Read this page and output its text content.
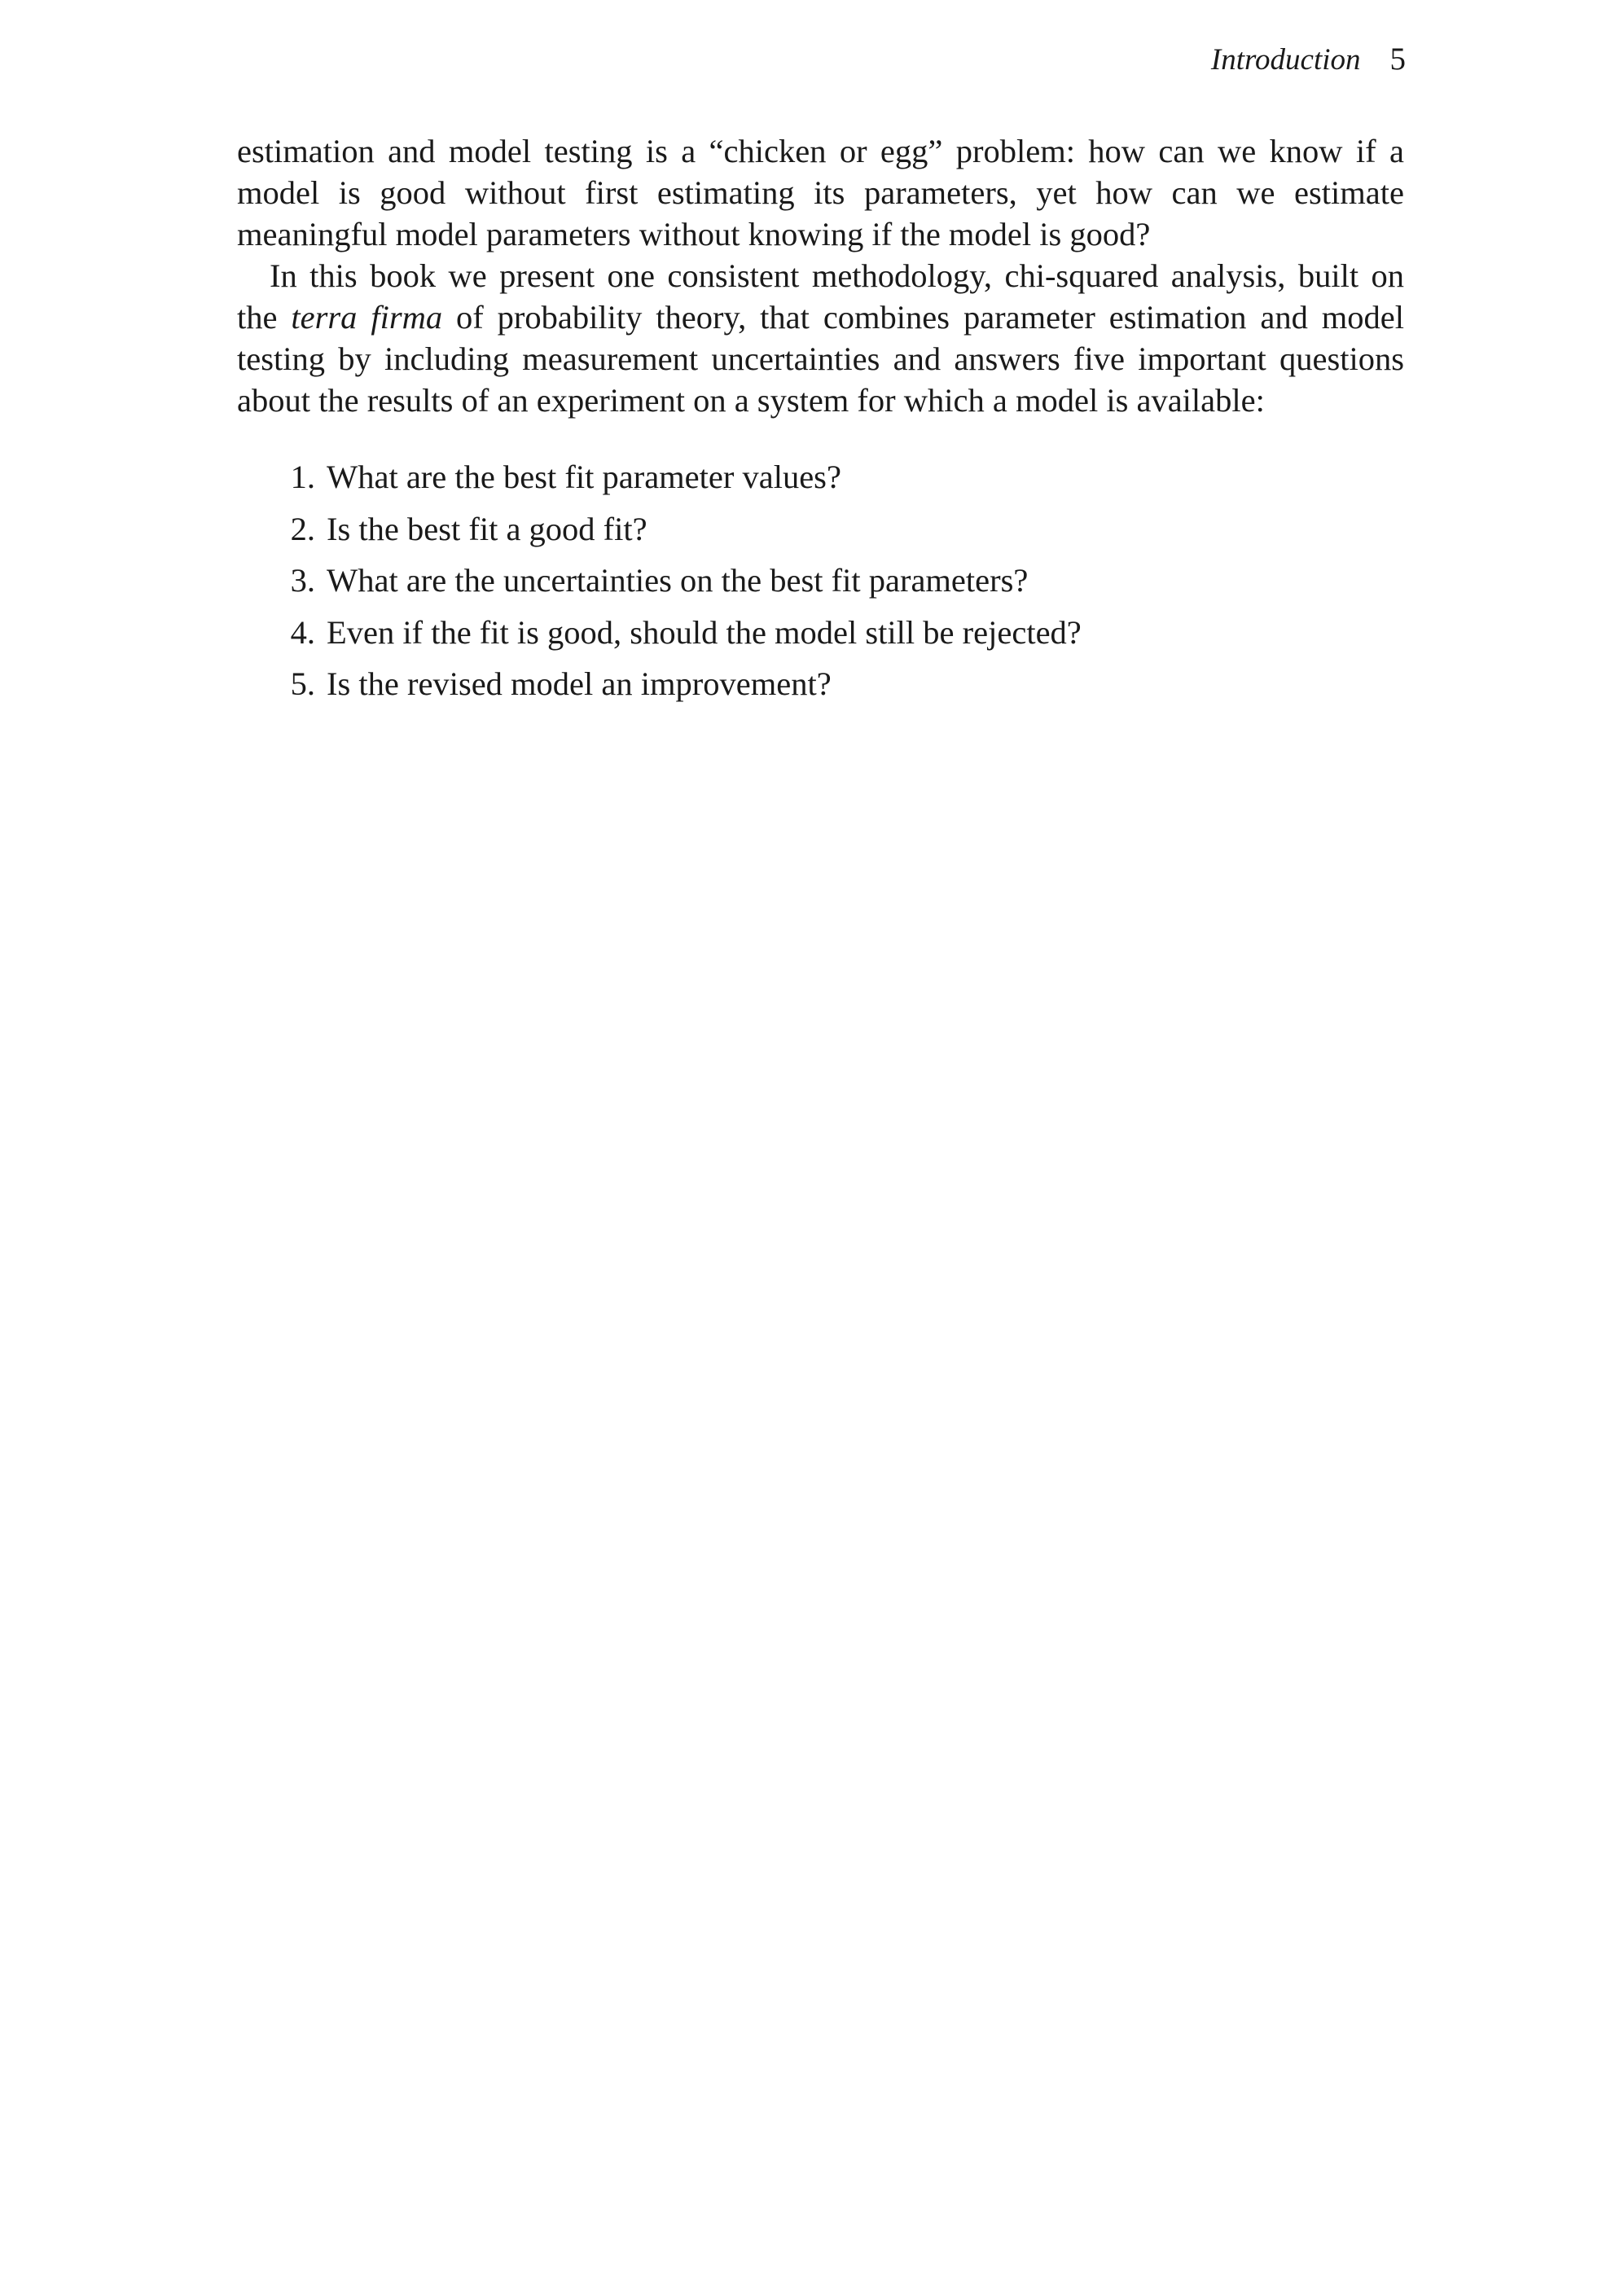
Introduction 5

estimation and model testing is a “chicken or egg” problem: how can we know if a model is good without first estimating its parameters, yet how can we estimate meaningful model parameters without knowing if the model is good?

In this book we present one consistent methodology, chi-squared analysis, built on the terra firma of probability theory, that combines parameter estimation and model testing by including measurement uncertainties and answers five important questions about the results of an experiment on a system for which a model is available:

1. What are the best fit parameter values?
2. Is the best fit a good fit?
3. What are the uncertainties on the best fit parameters?
4. Even if the fit is good, should the model still be rejected?
5. Is the revised model an improvement?
